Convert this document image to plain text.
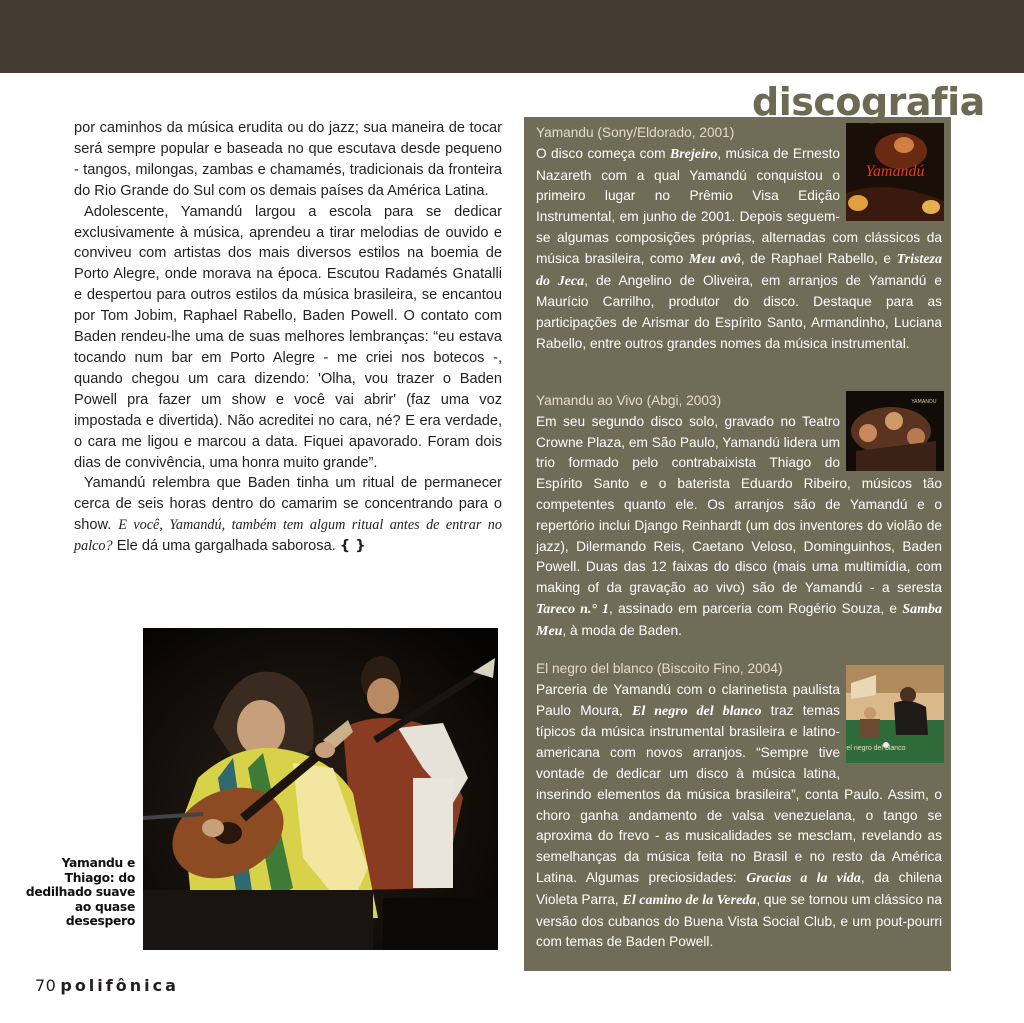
por caminhos da música erudita ou do jazz; sua maneira de tocar será sempre popular e baseada no que escutava desde pequeno - tangos, milongas, zambas e chamamés, tradicionais da fronteira do Rio Grande do Sul com os demais países da América Latina.

Adolescente, Yamandú largou a escola para se dedicar exclusivamente à música, aprendeu a tirar melodias de ouvido e conviveu com artistas dos mais diversos estilos na boemia de Porto Alegre, onde morava na época. Escutou Radamés Gnatalli e despertou para outros estilos da música brasileira, se encantou por Tom Jobim, Raphael Rabello, Baden Powell. O contato com Baden rendeu-lhe uma de suas melhores lembranças: “eu estava tocando num bar em Porto Alegre - me criei nos botecos -, quando chegou um cara dizendo: 'Olha, vou trazer o Baden Powell pra fazer um show e você vai abrir' (faz uma voz impostada e divertida). Não acreditei no cara, né? E era verdade, o cara me ligou e marcou a data. Fiquei apavorado. Foram dois dias de convivência, uma honra muito grande”.

Yamandú relembra que Baden tinha um ritual de permanecer cerca de seis horas dentro do camarim se concentrando para o show. E você, Yamandú, também tem algum ritual antes de entrar no palco? Ele dá uma gargalhada saborosa. { }

Yamandu e Thiago: do dedilhado suave ao quase desespero
70 polifônica
Yamandú
Yamandu (Sony/Eldorado, 2001)
O disco começa com Brejeiro, música de Ernesto Nazareth com a qual Yamandú conquistou o primeiro lugar no Prêmio Visa Edição Instrumental, em junho de 2001. Depois seguem-se algumas composições próprias, alternadas com clássicos da música brasileira, como Meu avô, de Raphael Rabello, e Tristeza do Jeca, de Angelino de Oliveira, em arranjos de Yamandú e Maurício Carrilho, produtor do disco. Destaque para as participações de Arismar do Espírito Santo, Armandinho, Luciana Rabello, entre outros grandes nomes da música instrumental.
YAMANDU
Yamandu ao Vivo (Abgi, 2003)
Em seu segundo disco solo, gravado no Teatro Crowne Plaza, em São Paulo, Yamandú lidera um trio formado pelo contrabaixista Thiago do Espírito Santo e o baterista Eduardo Ribeiro, músicos tão competentes quanto ele. Os arranjos são de Yamandú e o repertório inclui Django Reinhardt (um dos inventores do violão de jazz), Dilermando Reis, Caetano Veloso, Dominguinhos, Baden Powell. Duas das 12 faixas do disco (mais uma multimídia, com making of da gravação ao vivo) são de Yamandú - a seresta Tareco n.° 1, assinado em parceria com Rogério Souza, e Samba Meu, à moda de Baden.
el negro del blanco
El negro del blanco (Biscoito Fino, 2004)
Parceria de Yamandú com o clarinetista paulista Paulo Moura, El negro del blanco traz temas típicos da música instrumental brasileira e latino-americana com novos arranjos. “Sempre tive vontade de dedicar um disco à música latina, inserindo elementos da música brasileira”, conta Paulo. Assim, o choro ganha andamento de valsa venezuelana, o tango se aproxima do frevo - as musicalidades se mesclam, revelando as semelhanças da música feita no Brasil e no resto da América Latina. Algumas preciosidades: Gracias a la vida, da chilena Violeta Parra, El camino de la Vereda, que se tornou um clássico na versão dos cubanos do Buena Vista Social Club, e um pout-pourri com temas de Baden Powell.
discografia
